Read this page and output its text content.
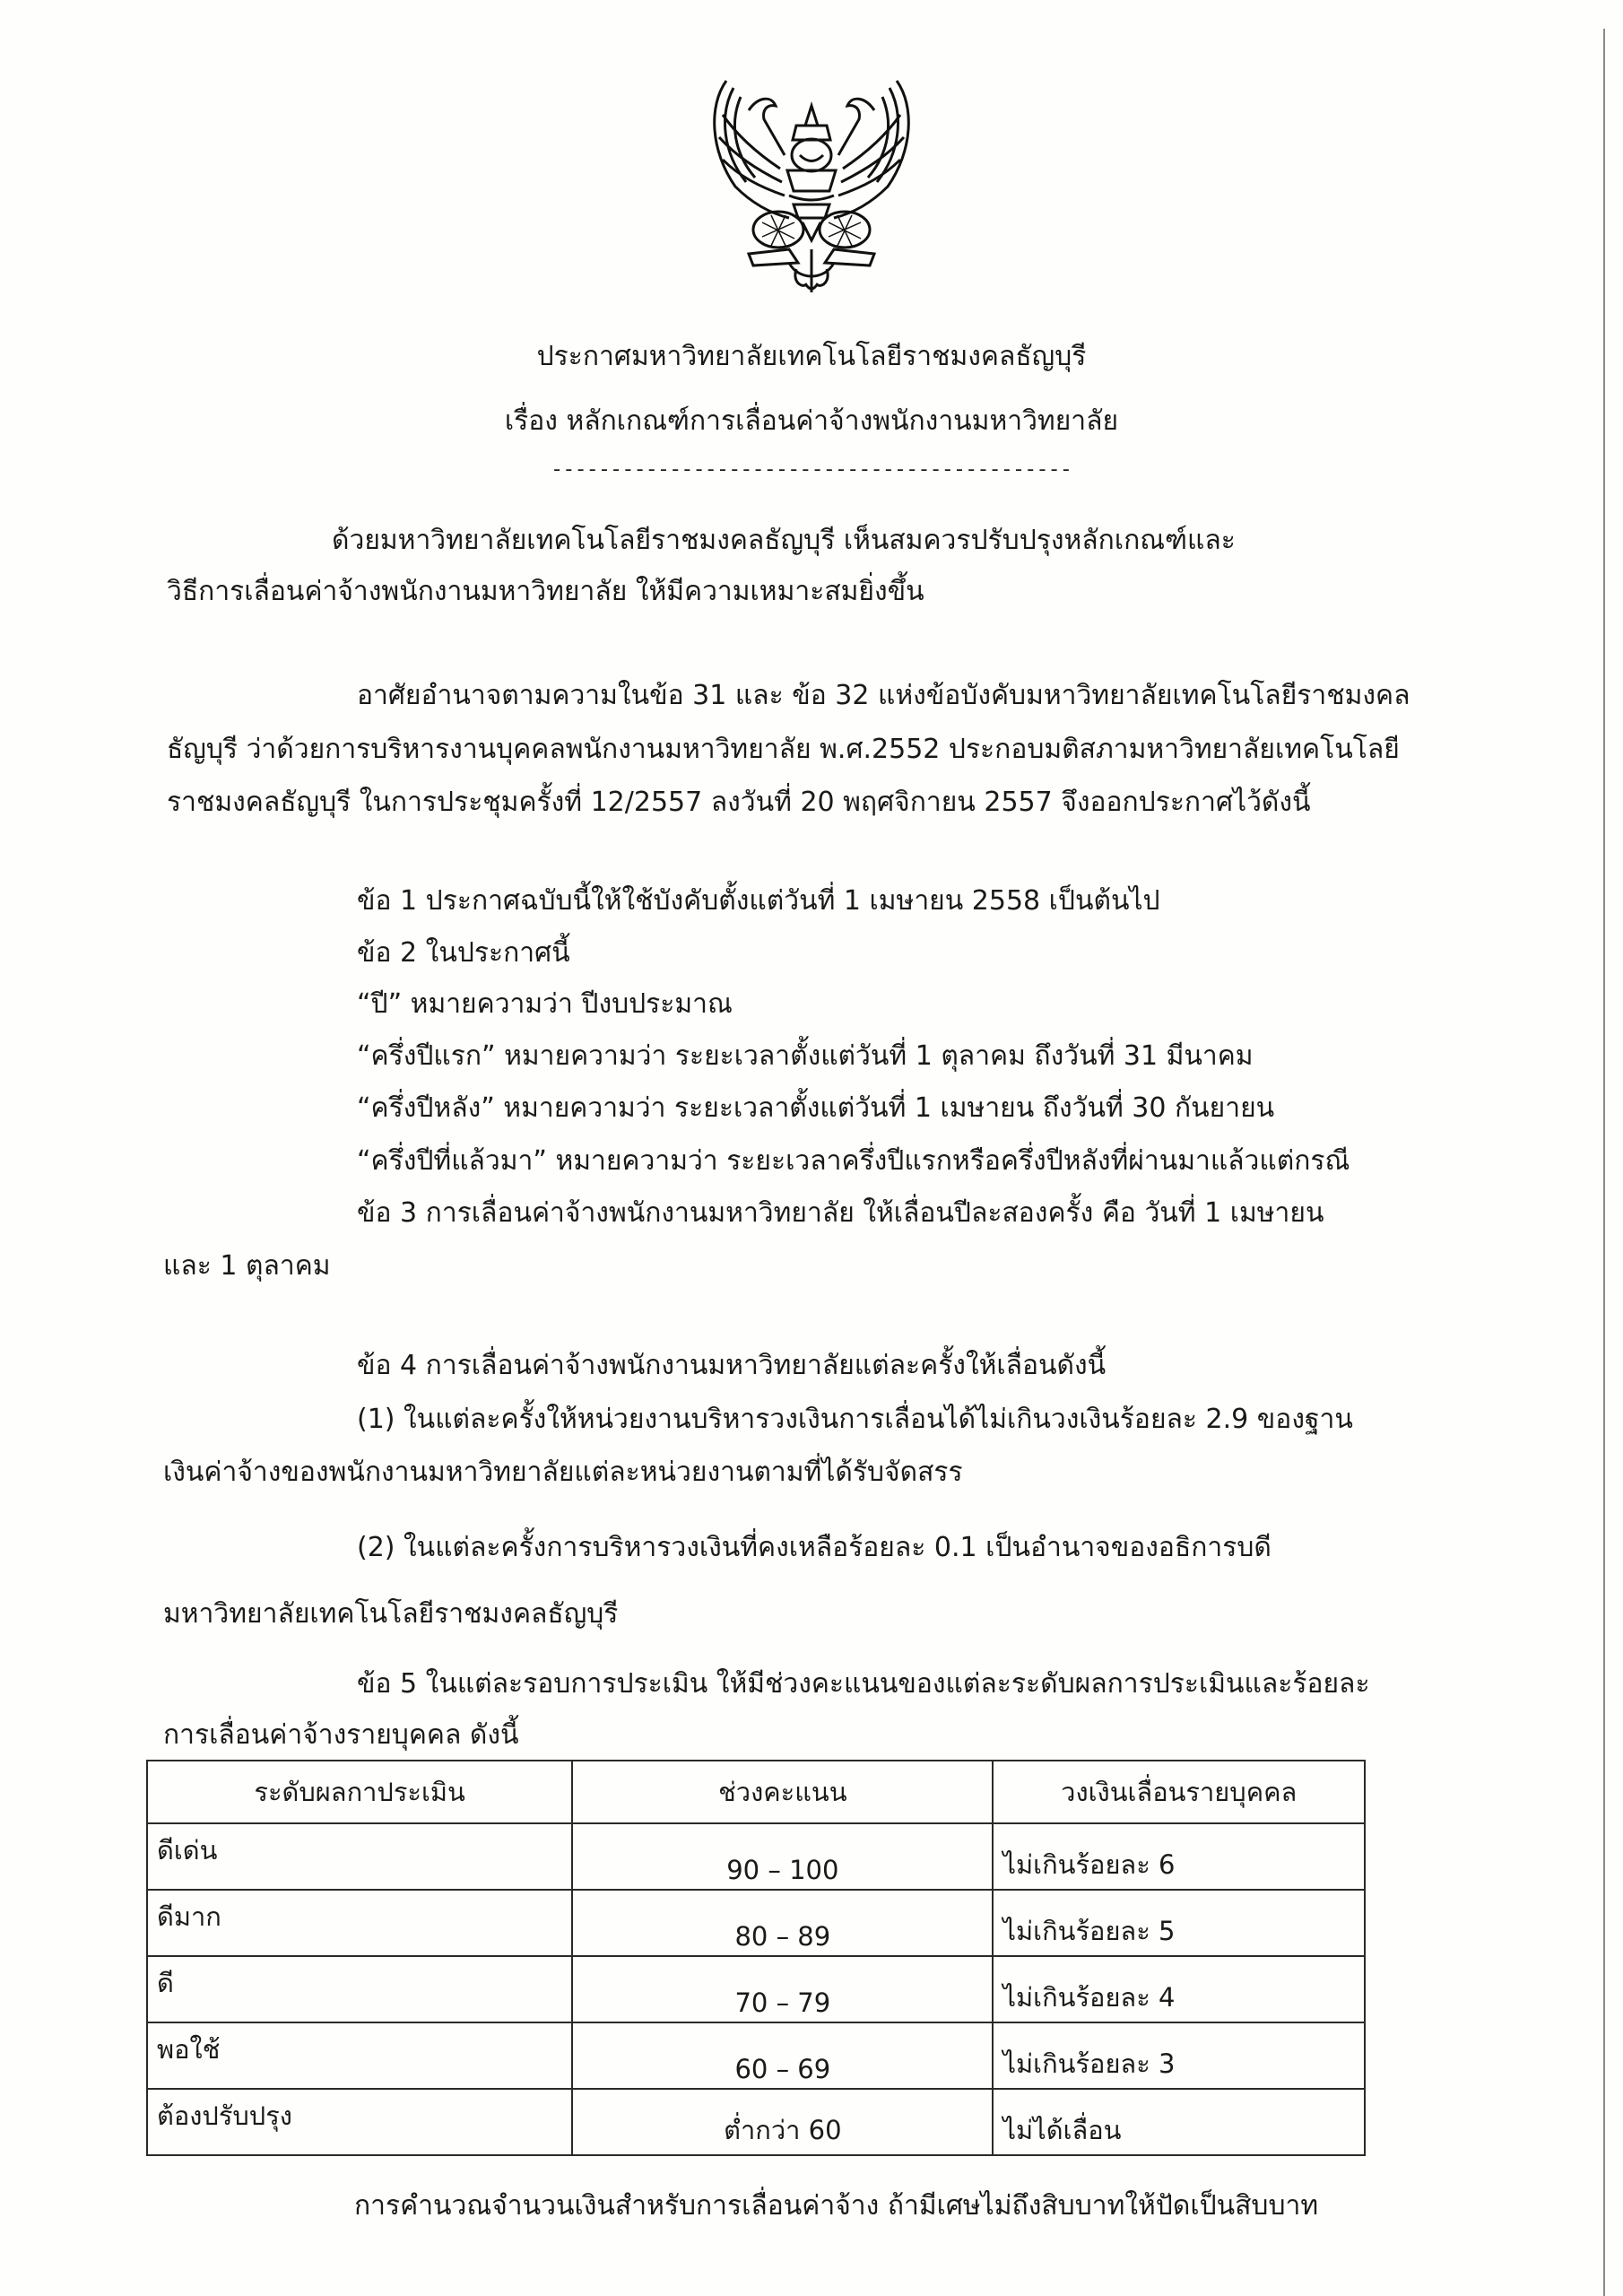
ประกาศมหาวิทยาลัยเทคโนโลยีราชมงคลธัญบุรี
เรื่อง หลักเกณฑ์การเลื่อนค่าจ้างพนักงานมหาวิทยาลัย
--------------------------------------------
ด้วยมหาวิทยาลัยเทคโนโลยีราชมงคลธัญบุรี เห็นสมควรปรับปรุงหลักเกณฑ์และ
วิธีการเลื่อนค่าจ้างพนักงานมหาวิทยาลัย ให้มีความเหมาะสมยิ่งขึ้น
อาศัยอำนาจตามความในข้อ 31 และ ข้อ 32 แห่งข้อบังคับมหาวิทยาลัยเทคโนโลยีราชมงคล
ธัญบุรี ว่าด้วยการบริหารงานบุคคลพนักงานมหาวิทยาลัย พ.ศ.2552 ประกอบมติสภามหาวิทยาลัยเทคโนโลยี
ราชมงคลธัญบุรี ในการประชุมครั้งที่ 12/2557 ลงวันที่ 20 พฤศจิกายน 2557 จึงออกประกาศไว้ดังนี้
ข้อ 1 ประกาศฉบับนี้ให้ใช้บังคับตั้งแต่วันที่ 1 เมษายน 2558 เป็นต้นไป
ข้อ 2 ในประกาศนี้
“ปี” หมายความว่า ปีงบประมาณ
“ครึ่งปีแรก” หมายความว่า ระยะเวลาตั้งแต่วันที่ 1 ตุลาคม ถึงวันที่ 31 มีนาคม
“ครึ่งปีหลัง” หมายความว่า ระยะเวลาตั้งแต่วันที่ 1 เมษายน ถึงวันที่ 30 กันยายน
“ครึ่งปีที่แล้วมา” หมายความว่า ระยะเวลาครึ่งปีแรกหรือครึ่งปีหลังที่ผ่านมาแล้วแต่กรณี
ข้อ 3 การเลื่อนค่าจ้างพนักงานมหาวิทยาลัย ให้เลื่อนปีละสองครั้ง คือ วันที่ 1 เมษายน
และ 1 ตุลาคม
ข้อ 4 การเลื่อนค่าจ้างพนักงานมหาวิทยาลัยแต่ละครั้งให้เลื่อนดังนี้
(1) ในแต่ละครั้งให้หน่วยงานบริหารวงเงินการเลื่อนได้ไม่เกินวงเงินร้อยละ 2.9 ของฐาน
เงินค่าจ้างของพนักงานมหาวิทยาลัยแต่ละหน่วยงานตามที่ได้รับจัดสรร
(2) ในแต่ละครั้งการบริหารวงเงินที่คงเหลือร้อยละ 0.1 เป็นอำนาจของอธิการบดี
มหาวิทยาลัยเทคโนโลยีราชมงคลธัญบุรี
ข้อ 5 ในแต่ละรอบการประเมิน ให้มีช่วงคะแนนของแต่ละระดับผลการประเมินและร้อยละ
การเลื่อนค่าจ้างรายบุคคล ดังนี้
ระดับผลกาประเมิน	ช่วงคะแนน	วงเงินเลื่อนรายบุคคล
ดีเด่น	90 – 100	ไม่เกินร้อยละ 6
ดีมาก	80 – 89	ไม่เกินร้อยละ 5
ดี	70 – 79	ไม่เกินร้อยละ 4
พอใช้	60 – 69	ไม่เกินร้อยละ 3
ต้องปรับปรุง	ต่ำกว่า 60	ไม่ได้เลื่อน
การคำนวณจำนวนเงินสำหรับการเลื่อนค่าจ้าง ถ้ามีเศษไม่ถึงสิบบาทให้ปัดเป็นสิบบาท
